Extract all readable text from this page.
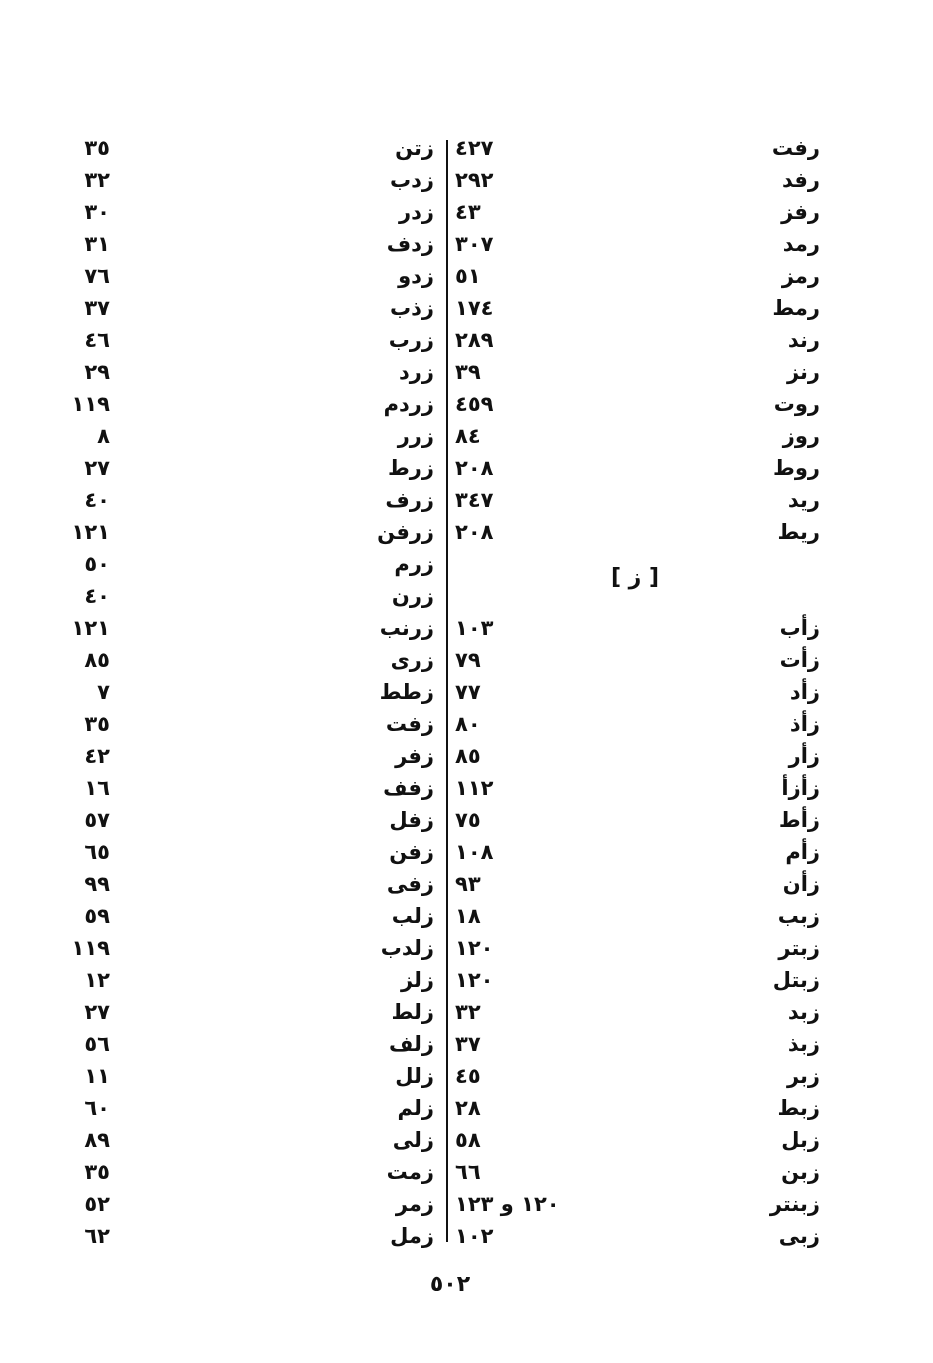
رفت
رفد
رفز
رمد
رمز
رمط
رند
رنز
روت
روز
روط
ريد
ريط
زأب
زأت
زأد
زأذ
زأر
زأزأ
زأط
زأم
زأن
زبب
زبتر
زبتل
زبد
زبذ
زبر
زبط
زبل
زبن
زبنتر
زبى
٤٢٧
٢٩٢
٤٣
٣٠٧
٥١
١٧٤
٢٨٩
٣٩
٤٥٩
٨٤
٢٠٨
٣٤٧
٢٠٨
١٠٣
٧٩
٧٧
٨٠
٨٥
١١٢
٧٥
١٠٨
٩٣
١٨
١٢٠
١٢٠
٣٢
٣٧
٤٥
٢٨
٥٨
٦٦
١٢٠ و ١٢٣
١٠٢
زتن
زدب
زدر
زدف
زدو
زذب
زرب
زرد
زردم
زرر
زرط
زرف
زرفن
زرم
زرن
زرنب
زرى
زطط
زفت
زفر
زفف
زفل
زفن
زفى
زلب
زلدب
زلز
زلط
زلف
زلل
زلم
زلى
زمت
زمر
زمل
٣٥
٣٢
٣٠
٣١
٧٦
٣٧
٤٦
٢٩
١١٩
٨
٢٧
٤٠
١٢١
٥٠
٤٠
١٢١
٨٥
٧
٣٥
٤٢
١٦
٥٧
٦٥
٩٩
٥٩
١١٩
١٢
٢٧
٥٦
١١
٦٠
٨٩
٣٥
٥٢
٦٢
[ ز ]
٥٠٢
